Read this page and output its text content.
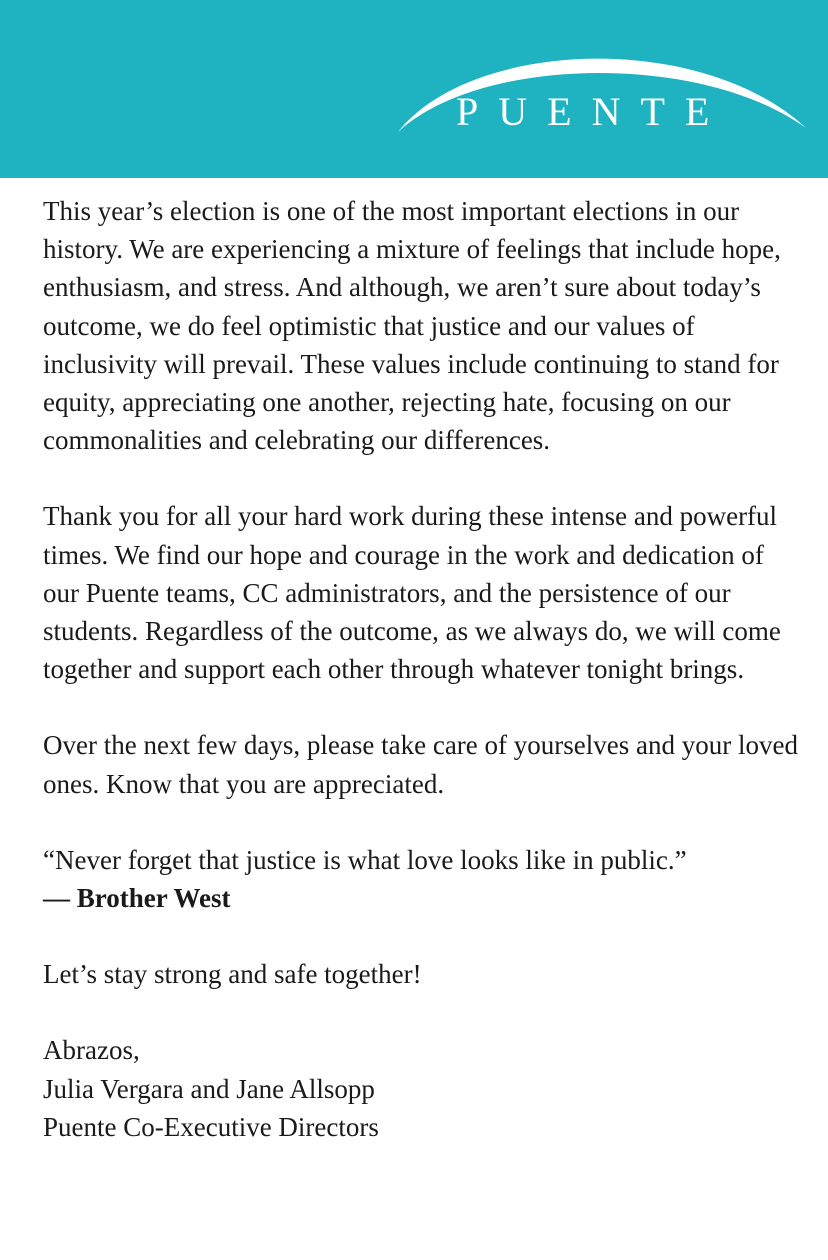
PUENTE

This year’s election is one of the most important elections in our history. We are experiencing a mixture of feelings that include hope, enthusiasm, and stress. And although, we aren’t sure about today’s outcome, we do feel optimistic that justice and our values of inclusivity will prevail. These values include continuing to stand for equity, appreciating one another, rejecting hate, focusing on our commonalities and celebrating our differences.

Thank you for all your hard work during these intense and powerful times. We find our hope and courage in the work and dedication of our Puente teams, CC administrators, and the persistence of our students. Regardless of the outcome, as we always do, we will come together and support each other through whatever tonight brings.

Over the next few days, please take care of yourselves and your loved ones. Know that you are appreciated.

“Never forget that justice is what love looks like in public.”

— Brother West

Let’s stay strong and safe together!

Abrazos,

Julia Vergara and Jane Allsopp

Puente Co-Executive Directors
